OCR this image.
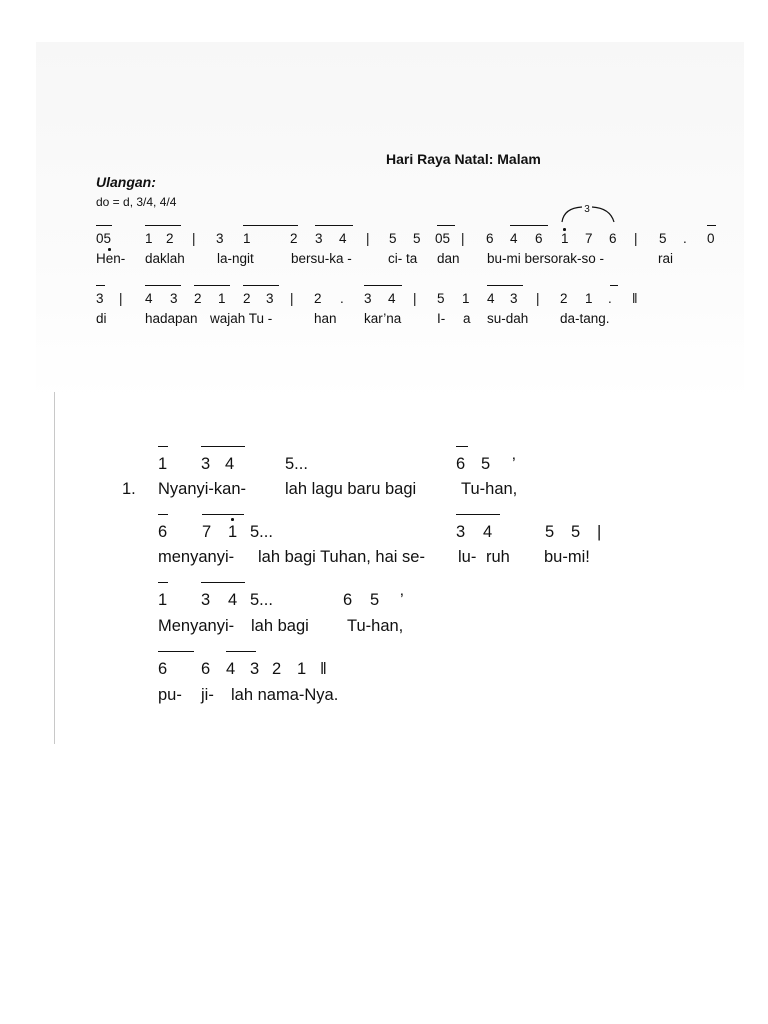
Hari Raya Natal: Malam
Ulangan:
do = d, 3/4, 4/4
05	1 2 | 3 1	2 3 4 | 5 5 05 | 6 4 6 1 7 6 | 5 . 0
Hen- daklah la-ngit	bersu-ka -	ci- ta dan bu-mi bersorak-so -	rai
3 | 4 3 2 1 2 3 | 2 . 3 4 | 5 1 4 3 | 2 1 . ‖
di	hadapan wajah Tu -	han kar’na	I- a su-dah da-tang.
3
1.
1 3 4	5...	6 5 ’
Nyanyi-kan- lah lagu baru bagi	Tu-han,
6 7 1 5...	3 4	5 5 |
menyanyi- lah bagi Tuhan, hai se- lu- ruh bu-mi!
1 3 4 5...	6 5 ’
Menyanyi- lah bagi Tu-han,
6 6 4 3 2 1 ‖
pu- ji- lah nama-Nya.
